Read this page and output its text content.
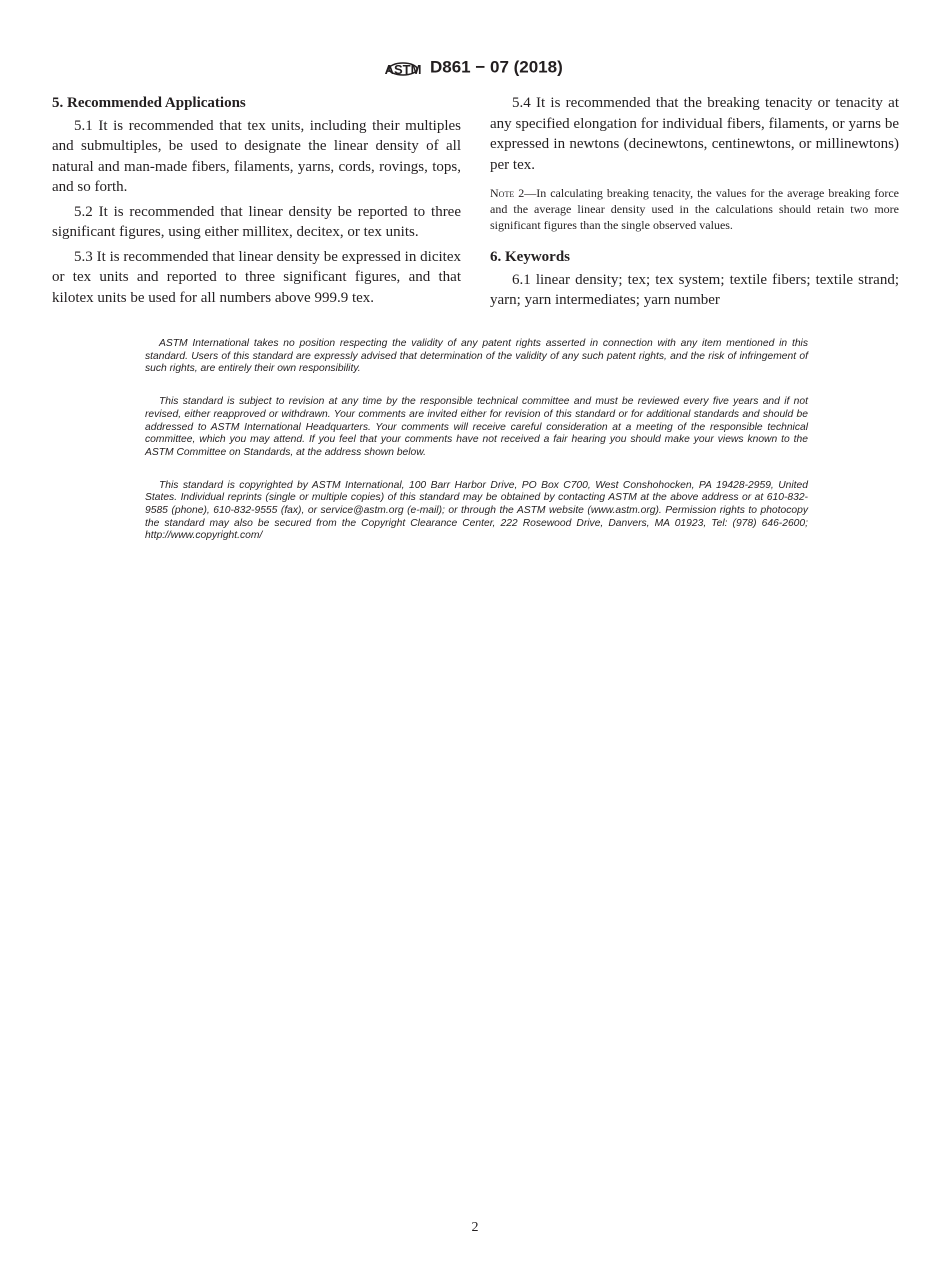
ASTM D861 − 07 (2018)
5. Recommended Applications

5.1 It is recommended that tex units, including their multiples and submultiples, be used to designate the linear density of all natural and man-made fibers, filaments, yarns, cords, rovings, tops, and so forth.

5.2 It is recommended that linear density be reported to three significant figures, using either millitex, decitex, or tex units.

5.3 It is recommended that linear density be expressed in dicitex or tex units and reported to three significant figures, and that kilotex units be used for all numbers above 999.9 tex.

5.4 It is recommended that the breaking tenacity or tenacity at any specified elongation for individual fibers, filaments, or yarns be expressed in newtons (decinewtons, centinewtons, or millinewtons) per tex.

Note 2—In calculating breaking tenacity, the values for the average breaking force and the average linear density used in the calculations should retain two more significant figures than the single observed values.

6. Keywords

6.1 linear density; tex; tex system; textile fibers; textile strand; yarn; yarn intermediates; yarn number

ASTM International takes no position respecting the validity of any patent rights asserted in connection with any item mentioned in this standard. Users of this standard are expressly advised that determination of the validity of any such patent rights, and the risk of infringement of such rights, are entirely their own responsibility.

This standard is subject to revision at any time by the responsible technical committee and must be reviewed every five years and if not revised, either reapproved or withdrawn. Your comments are invited either for revision of this standard or for additional standards and should be addressed to ASTM International Headquarters. Your comments will receive careful consideration at a meeting of the responsible technical committee, which you may attend. If you feel that your comments have not received a fair hearing you should make your views known to the ASTM Committee on Standards, at the address shown below.

This standard is copyrighted by ASTM International, 100 Barr Harbor Drive, PO Box C700, West Conshohocken, PA 19428-2959, United States. Individual reprints (single or multiple copies) of this standard may be obtained by contacting ASTM at the above address or at 610-832-9585 (phone), 610-832-9555 (fax), or service@astm.org (e-mail); or through the ASTM website (www.astm.org). Permission rights to photocopy the standard may also be secured from the Copyright Clearance Center, 222 Rosewood Drive, Danvers, MA 01923, Tel: (978) 646-2600; http://www.copyright.com/

2
